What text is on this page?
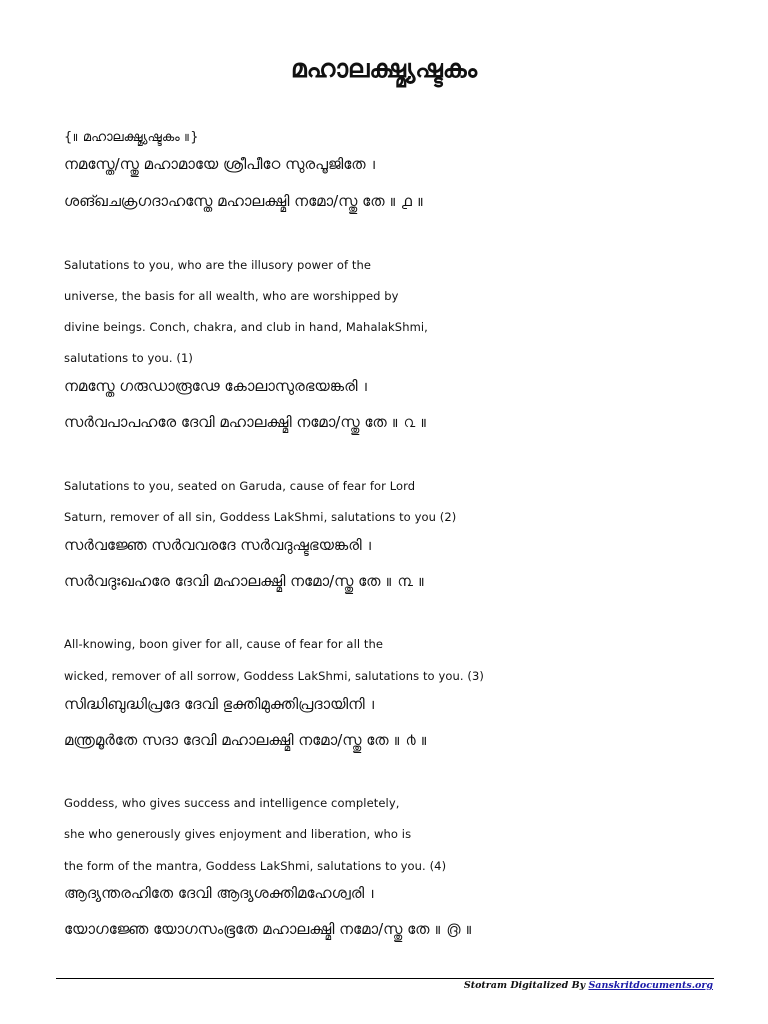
മഹാലക്ഷ്മ്യഷ്ടകം
{॥ മഹാലക്ഷ്മ്യഷ്ടകം ॥}
നമസ്തേ/സ്തു മഹാമായേ ശ്രീപീഠേ സുരപൂജിതേ ।
ശങ്ഖചക്രഗദാഹസ്തേ മഹാലക്ഷ്മി നമോ/സ്തു തേ ॥ ൧ ॥
Salutations to you, who are the illusory power of the
universe, the basis for all wealth, who are worshipped by
divine beings. Conch, chakra, and club in hand, MahalakShmi,
salutations to you. (1)
നമസ്തേ ഗരുഡാരൂഢേ കോലാസുരഭയങ്കരി ।
സർവപാപഹരേ ദേവി മഹാലക്ഷ്മി നമോ/സ്തു തേ ॥ ൨ ॥
Salutations to you, seated on Garuda, cause of fear for Lord
Saturn, remover of all sin, Goddess LakShmi, salutations to you (2)
സർവജ്ഞേ സർവവരദേ സർവദുഷ്ടഭയങ്കരി ।
സർവദുഃഖഹരേ ദേവി മഹാലക്ഷ്മി നമോ/സ്തു തേ ॥ ൩ ॥
All-knowing, boon giver for all, cause of fear for all the
wicked, remover of all sorrow, Goddess LakShmi, salutations to you. (3)
സിദ്ധിബുദ്ധിപ്രദേ ദേവി ഭുക്തിമുക്തിപ്രദായിനി ।
മന്ത്രമൂർതേ സദാ ദേവി മഹാലക്ഷ്മി നമോ/സ്തു തേ ॥ ൪ ॥
Goddess, who gives success and intelligence completely,
she who generously gives enjoyment and liberation, who is
the form of the mantra, Goddess LakShmi, salutations to you. (4)
ആദ്യന്തരഹിതേ ദേവി ആദ്യശക്തിമഹേശ്വരി ।
യോഗജ്ഞേ യോഗസംഭൂതേ മഹാലക്ഷ്മി നമോ/സ്തു തേ ॥ ൫ ॥
Stotram Digitalized By Sanskritdocuments.org
